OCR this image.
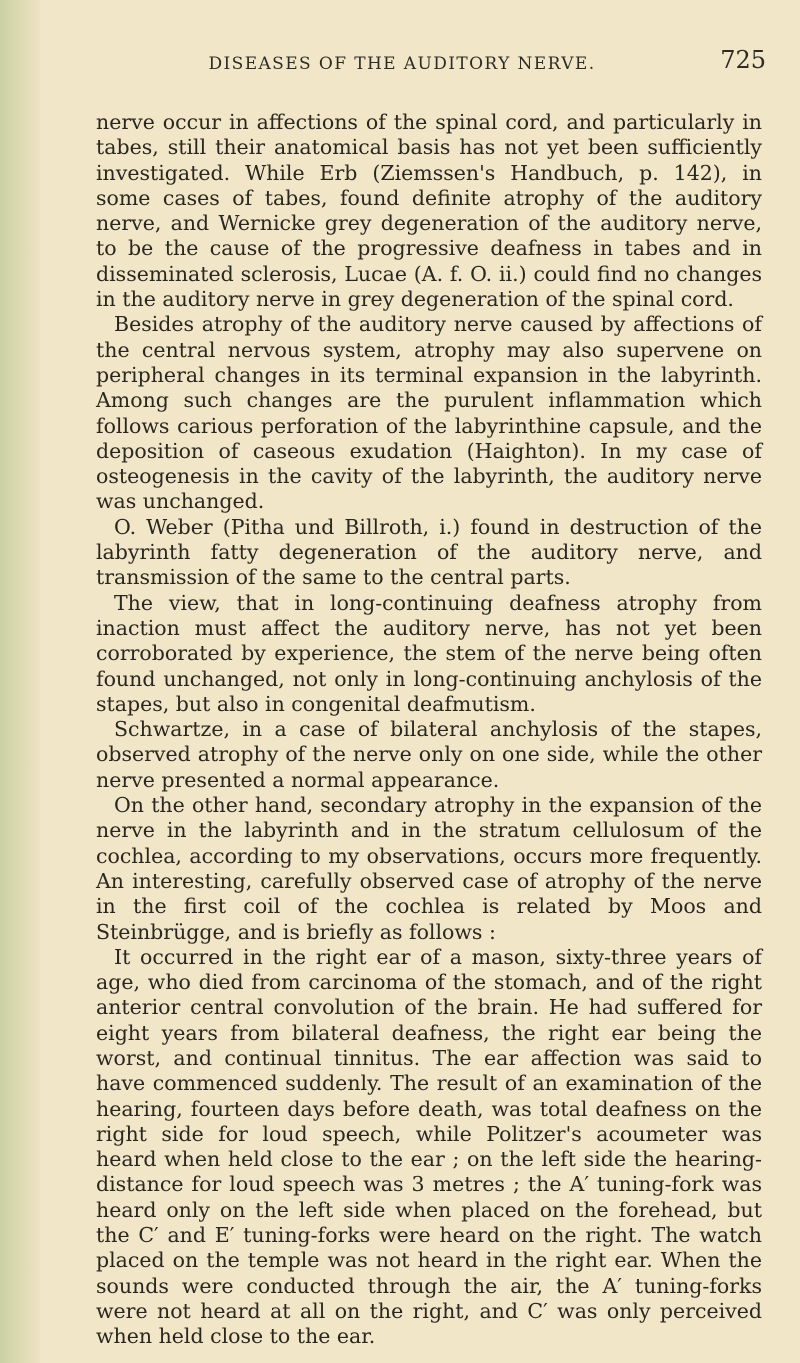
DISEASES OF THE AUDITORY NERVE.	725

nerve occur in affections of the spinal cord, and particularly in tabes, still their anatomical basis has not yet been sufficiently investigated. While Erb (Ziemssen's Handbuch, p. 142), in some cases of tabes, found definite atrophy of the auditory nerve, and Wernicke grey degeneration of the auditory nerve, to be the cause of the progressive deafness in tabes and in disseminated sclerosis, Lucae (A. f. O. ii.) could find no changes in the auditory nerve in grey degeneration of the spinal cord.

Besides atrophy of the auditory nerve caused by affections of the central nervous system, atrophy may also supervene on peripheral changes in its terminal expansion in the labyrinth. Among such changes are the purulent inflammation which follows carious perforation of the labyrinthine capsule, and the deposition of caseous exudation (Haighton). In my case of osteogenesis in the cavity of the labyrinth, the auditory nerve was unchanged.

O. Weber (Pitha und Billroth, i.) found in destruction of the labyrinth fatty degeneration of the auditory nerve, and transmission of the same to the central parts.

The view, that in long-continuing deafness atrophy from inaction must affect the auditory nerve, has not yet been corroborated by experience, the stem of the nerve being often found unchanged, not only in long-continuing anchylosis of the stapes, but also in congenital deafmutism.

Schwartze, in a case of bilateral anchylosis of the stapes, observed atrophy of the nerve only on one side, while the other nerve presented a normal appearance.

On the other hand, secondary atrophy in the expansion of the nerve in the labyrinth and in the stratum cellulosum of the cochlea, according to my observations, occurs more frequently. An interesting, carefully observed case of atrophy of the nerve in the first coil of the cochlea is related by Moos and Steinbrügge, and is briefly as follows :

It occurred in the right ear of a mason, sixty-three years of age, who died from carcinoma of the stomach, and of the right anterior central convolution of the brain. He had suffered for eight years from bilateral deafness, the right ear being the worst, and continual tinnitus. The ear affection was said to have commenced suddenly. The result of an examination of the hearing, fourteen days before death, was total deafness on the right side for loud speech, while Politzer's acoumeter was heard when held close to the ear ; on the left side the hearing-distance for loud speech was 3 metres ; the A′ tuning-fork was heard only on the left side when placed on the forehead, but the C′ and E′ tuning-forks were heard on the right. The watch placed on the temple was not heard in the right ear. When the sounds were conducted through the air, the A′ tuning-forks were not heard at all on the right, and C′ was only perceived when held close to the ear.
